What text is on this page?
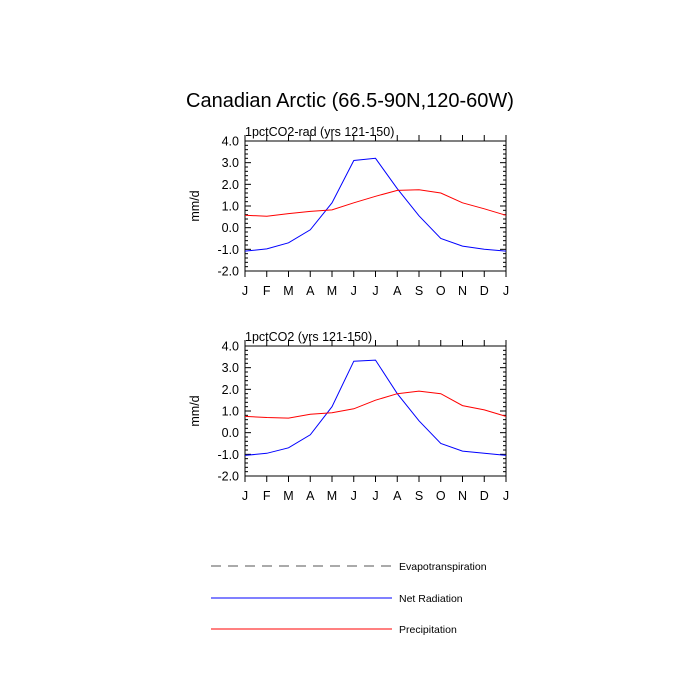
Canadian Arctic (66.5-90N,120-60W)
1pctCO2-rad (yrs 121-150)
mm/d
-2.0
-1.0
0.0
1.0
2.0
3.0
4.0
J F M A M J J A S O N D J
1pctCO2 (yrs 121-150)
mm/d
-2.0
-1.0
0.0
1.0
2.0
3.0
4.0
J F M A M J J A S O N D J
Evapotranspiration
Net Radiation
Precipitation
